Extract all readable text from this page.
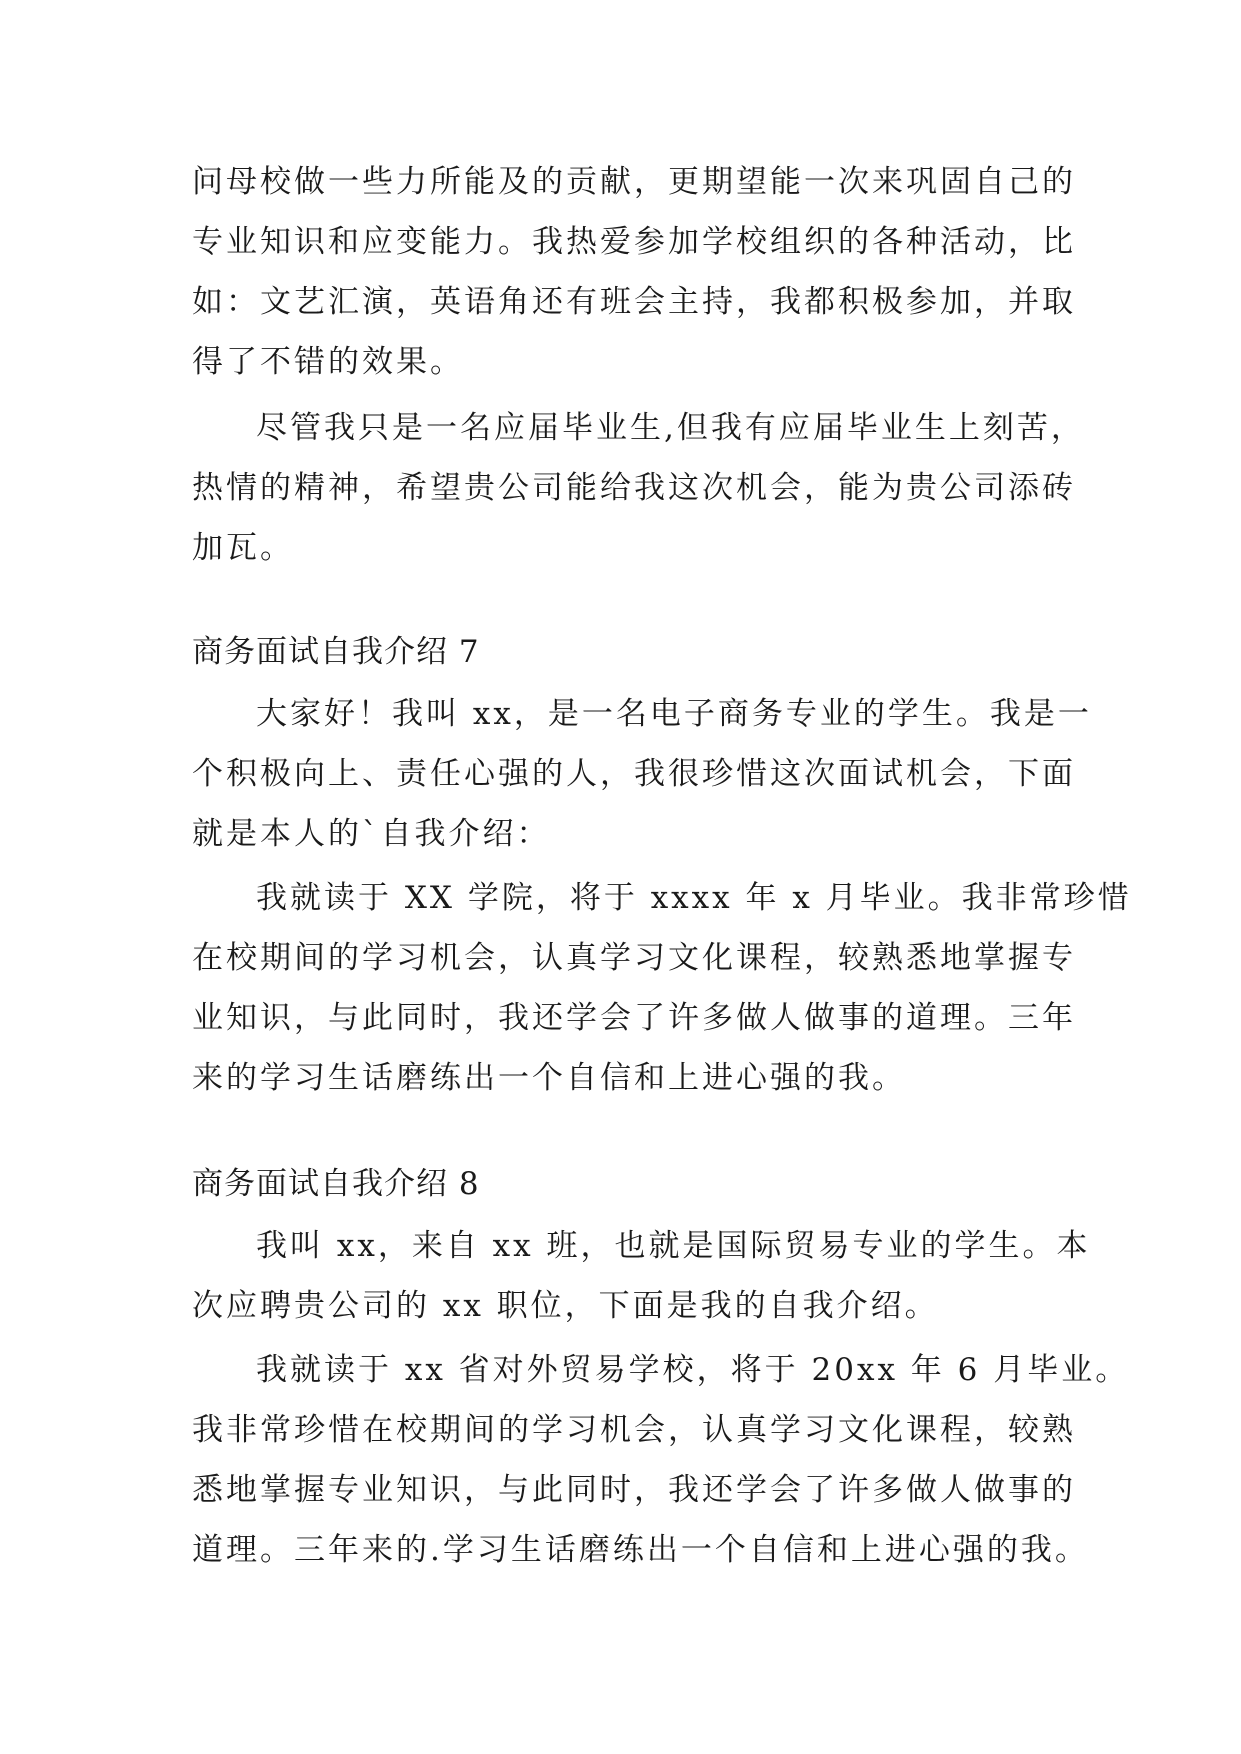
问母校做一些力所能及的贡献，更期望能一次来巩固自己的

专业知识和应变能力。我热爱参加学校组织的各种活动，比

如：文艺汇演，英语角还有班会主持，我都积极参加，并取

得了不错的效果。

尽管我只是一名应届毕业生,但我有应届毕业生上刻苦，

热情的精神，希望贵公司能给我这次机会，能为贵公司添砖

加瓦。

商务面试自我介绍 7

大家好！我叫 xx，是一名电子商务专业的学生。我是一

个积极向上、责任心强的人，我很珍惜这次面试机会，下面

就是本人的`自我介绍：

我就读于 XX 学院，将于 xxxx 年 x 月毕业。我非常珍惜

在校期间的学习机会，认真学习文化课程，较熟悉地掌握专

业知识，与此同时，我还学会了许多做人做事的道理。三年

来的学习生话磨练出一个自信和上进心强的我。

商务面试自我介绍 8

我叫 xx，来自 xx 班，也就是国际贸易专业的学生。本

次应聘贵公司的 xx 职位，下面是我的自我介绍。

我就读于 xx 省对外贸易学校，将于 20xx 年 6 月毕业。

我非常珍惜在校期间的学习机会，认真学习文化课程，较熟

悉地掌握专业知识，与此同时，我还学会了许多做人做事的

道理。三年来的.学习生话磨练出一个自信和上进心强的我。
